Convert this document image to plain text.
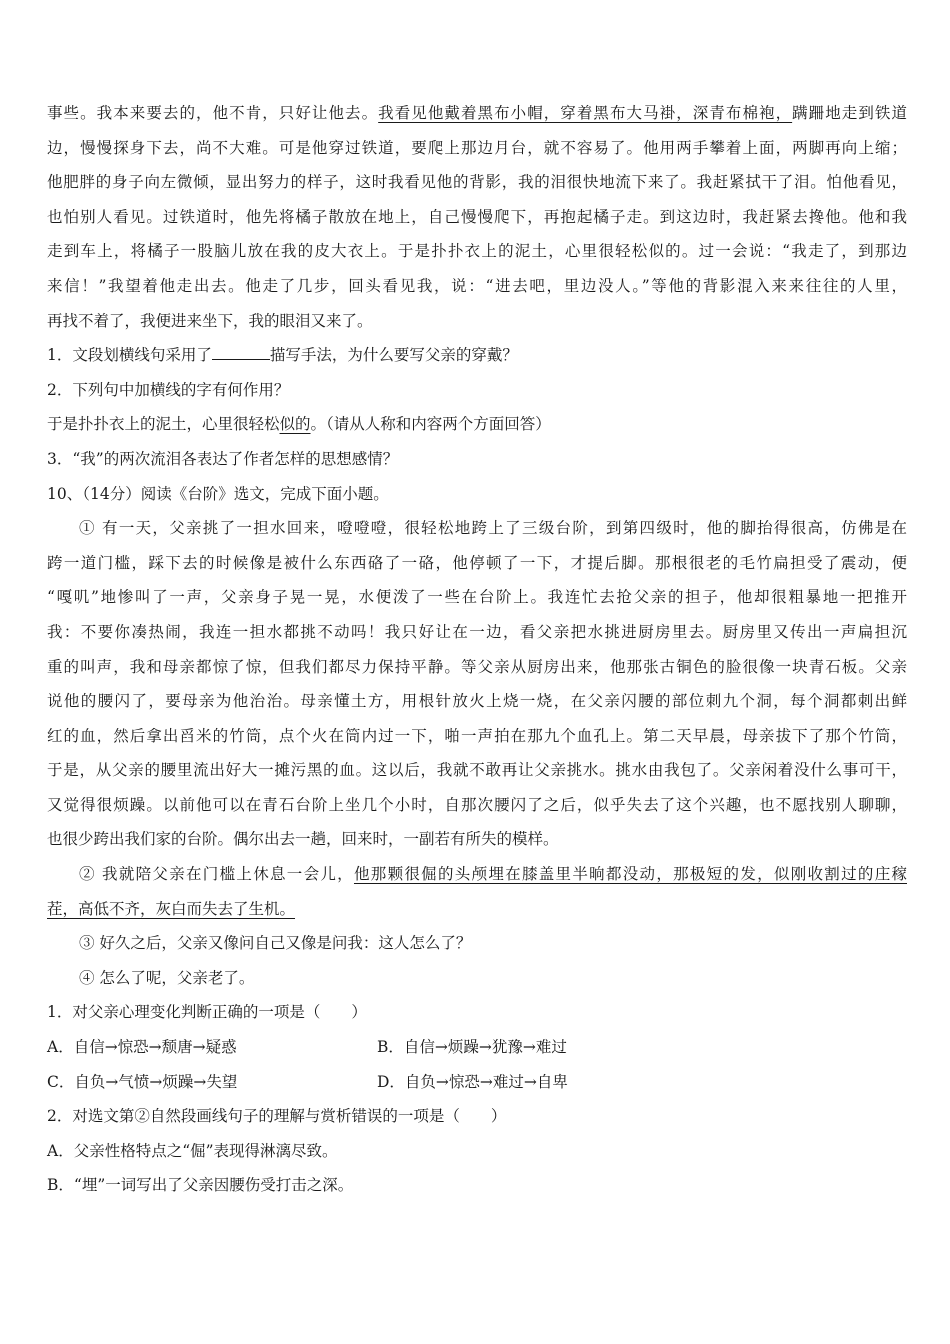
事些。我本来要去的，他不肯，只好让他去。我看见他戴着黑布小帽，穿着黑布大马褂，深青布棉袍，蹒跚地走到铁道
边，慢慢探身下去，尚不大难。可是他穿过铁道，要爬上那边月台，就不容易了。他用两手攀着上面，两脚再向上缩；
他肥胖的身子向左微倾，显出努力的样子，这时我看见他的背影，我的泪很快地流下来了。我赶紧拭干了泪。怕他看见，
也怕别人看见。过铁道时，他先将橘子散放在地上，自己慢慢爬下，再抱起橘子走。到这边时，我赶紧去搀他。他和我
走到车上，将橘子一股脑儿放在我的皮大衣上。于是扑扑衣上的泥土，心里很轻松似的。过一会说：“我走了，到那边
来信！”我望着他走出去。他走了几步，回头看见我，说：“进去吧，里边没人。”等他的背影混入来来往往的人里，
再找不着了，我便进来坐下，我的眼泪又来了。
1．文段划横线句采用了	描写手法，为什么要写父亲的穿戴？
2．下列句中加横线的字有何作用？
于是扑扑衣上的泥土，心里很轻松似的。（请从人称和内容两个方面回答）
3．“我”的两次流泪各表达了作者怎样的思想感情？
10、（14分）阅读《台阶》选文，完成下面小题。
① 有一天，父亲挑了一担水回来，噔噔噔，很轻松地跨上了三级台阶，到第四级时，他的脚抬得很高，仿佛是在
跨一道门槛，踩下去的时候像是被什么东西硌了一硌，他停顿了一下，才提后脚。那根很老的毛竹扁担受了震动，便
“嘎叽”地惨叫了一声，父亲身子晃一晃，水便泼了一些在台阶上。我连忙去抢父亲的担子，他却很粗暴地一把推开
我：不要你凑热闹，我连一担水都挑不动吗！我只好让在一边，看父亲把水挑进厨房里去。厨房里又传出一声扁担沉
重的叫声，我和母亲都惊了惊，但我们都尽力保持平静。等父亲从厨房出来，他那张古铜色的脸很像一块青石板。父亲
说他的腰闪了，要母亲为他治治。母亲懂土方，用根针放火上烧一烧，在父亲闪腰的部位刺九个洞，每个洞都刺出鲜
红的血，然后拿出舀米的竹筒，点个火在筒内过一下，啪一声拍在那九个血孔上。第二天早晨，母亲拔下了那个竹筒，
于是，从父亲的腰里流出好大一摊污黑的血。这以后，我就不敢再让父亲挑水。挑水由我包了。父亲闲着没什么事可干，
又觉得很烦躁。以前他可以在青石台阶上坐几个小时，自那次腰闪了之后，似乎失去了这个兴趣，也不愿找别人聊聊，
也很少跨出我们家的台阶。偶尔出去一趟，回来时，一副若有所失的模样。
② 我就陪父亲在门槛上休息一会儿，他那颗很倔的头颅埋在膝盖里半晌都没动，那极短的发，似刚收割过的庄稼
茬，高低不齐，灰白而失去了生机。
③ 好久之后，父亲又像问自己又像是问我：这人怎么了？
④ 怎么了呢，父亲老了。
1．对父亲心理变化判断正确的一项是（　　）
A．自信→惊恐→颓唐→疑惑	B．自信→烦躁→犹豫→难过
C．自负→气愤→烦躁→失望	D．自负→惊恐→难过→自卑
2．对选文第②自然段画线句子的理解与赏析错误的一项是（　　）
A．父亲性格特点之“倔”表现得淋漓尽致。
B．“埋”一词写出了父亲因腰伤受打击之深。
